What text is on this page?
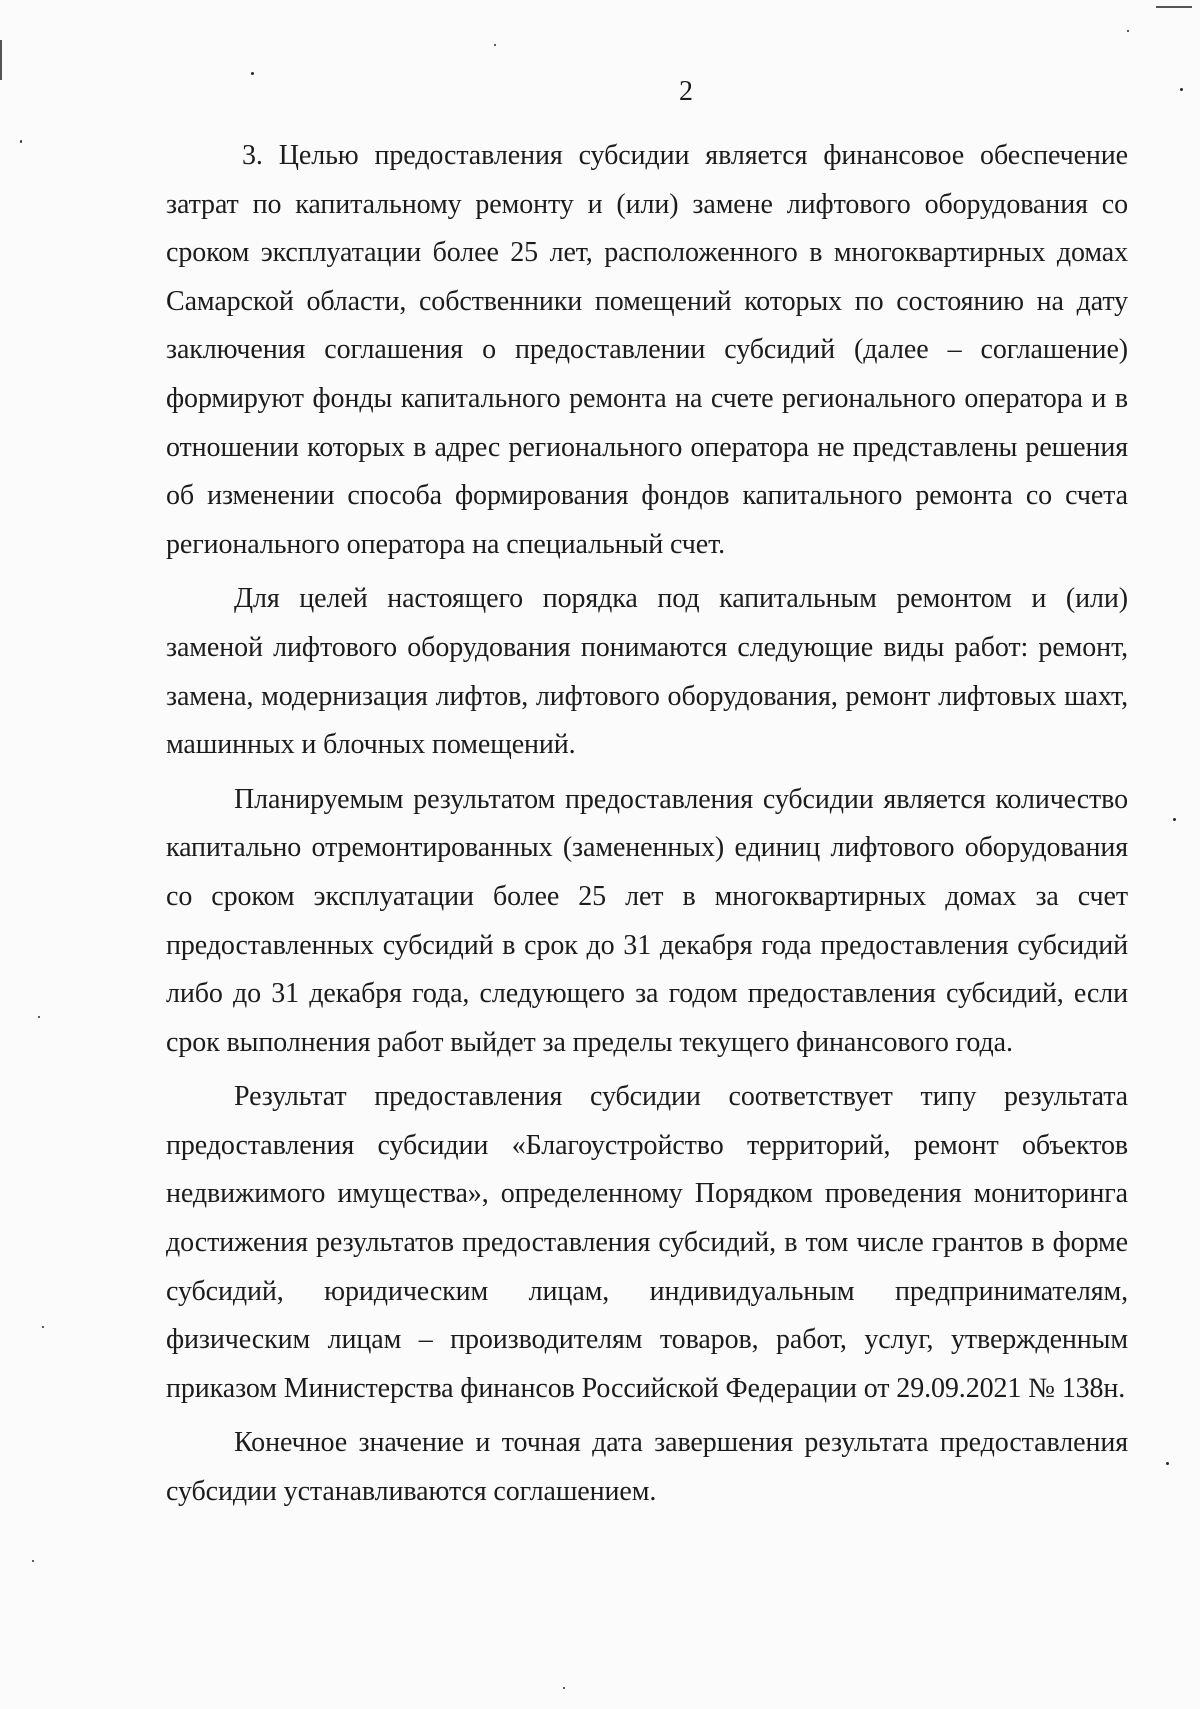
2

3. Целью предоставления субсидии является финансовое обеспечение затрат по капитальному ремонту и (или) замене лифтового оборудования со сроком эксплуатации более 25 лет, расположенного в многоквартирных домах Самарской области, собственники помещений которых по состоянию на дату заключения соглашения о предоставлении субсидий (далее – соглашение) формируют фонды капитального ремонта на счете регионального оператора и в отношении которых в адрес регионального оператора не представлены решения об изменении способа формирования фондов капитального ремонта со счета регионального оператора на специальный счет.

Для целей настоящего порядка под капитальным ремонтом и (или) заменой лифтового оборудования понимаются следующие виды работ: ремонт, замена, модернизация лифтов, лифтового оборудования, ремонт лифтовых шахт, машинных и блочных помещений.

Планируемым результатом предоставления субсидии является количество капитально отремонтированных (замененных) единиц лифтового оборудования со сроком эксплуатации более 25 лет в многоквартирных домах за счет предоставленных субсидий в срок до 31 декабря года предоставления субсидий либо до 31 декабря года, следующего за годом предоставления субсидий, если срок выполнения работ выйдет за пределы текущего финансового года.

Результат предоставления субсидии соответствует типу результата предоставления субсидии «Благоустройство территорий, ремонт объектов недвижимого имущества», определенному Порядком проведения мониторинга достижения результатов предоставления субсидий, в том числе грантов в форме субсидий, юридическим лицам, индивидуальным предпринимателям, физическим лицам – производителям товаров, работ, услуг, утвержденным приказом Министерства финансов Российской Федерации от 29.09.2021 № 138н.

Конечное значение и точная дата завершения результата предоставления субсидии устанавливаются соглашением.
